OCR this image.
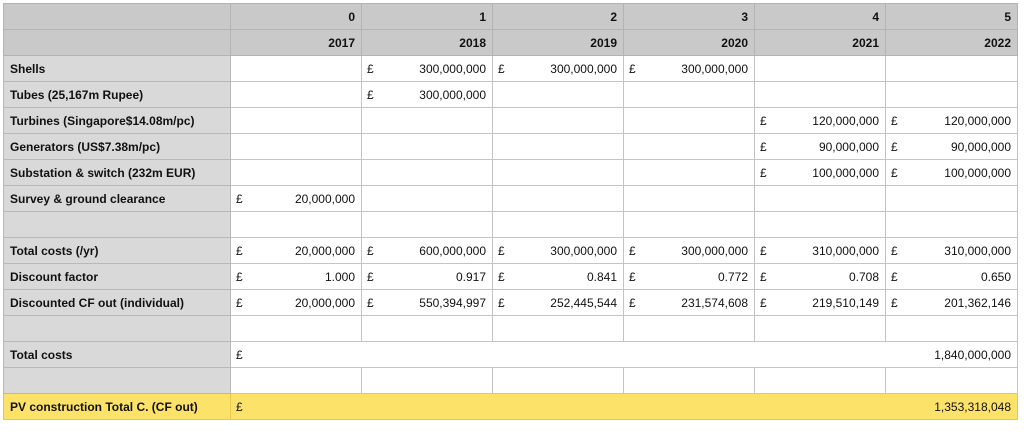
	0	1	2	3	4	5
	2017	2018	2019	2020	2021	2022
Shells		£ 300,000,000	£ 300,000,000	£ 300,000,000	

Tubes (25,167m Rupee)		£ 300,000,000	

Turbines (Singapore$14.08m/pc)					£ 120,000,000	£ 120,000,000
Generators (US$7.38m/pc)					£ 90,000,000	£ 90,000,000
Substation & switch (232m EUR)					£ 100,000,000	£ 100,000,000
Survey & ground clearance	£ 20,000,000	

Total costs (/yr)	£ 20,000,000	£ 600,000,000	£ 300,000,000	£ 300,000,000	£ 310,000,000	£ 310,000,000
Discount factor	£ 1.000	£ 0.917	£ 0.841	£ 0.772	£ 0.708	£ 0.650
Discounted CF out (individual)	£ 20,000,000	£ 550,394,997	£ 252,445,544	£ 231,574,608	£ 219,510,149	£ 201,362,146

Total costs	£ 1,840,000,000					

PV construction Total C. (CF out)	£ 1,353,318,048					
